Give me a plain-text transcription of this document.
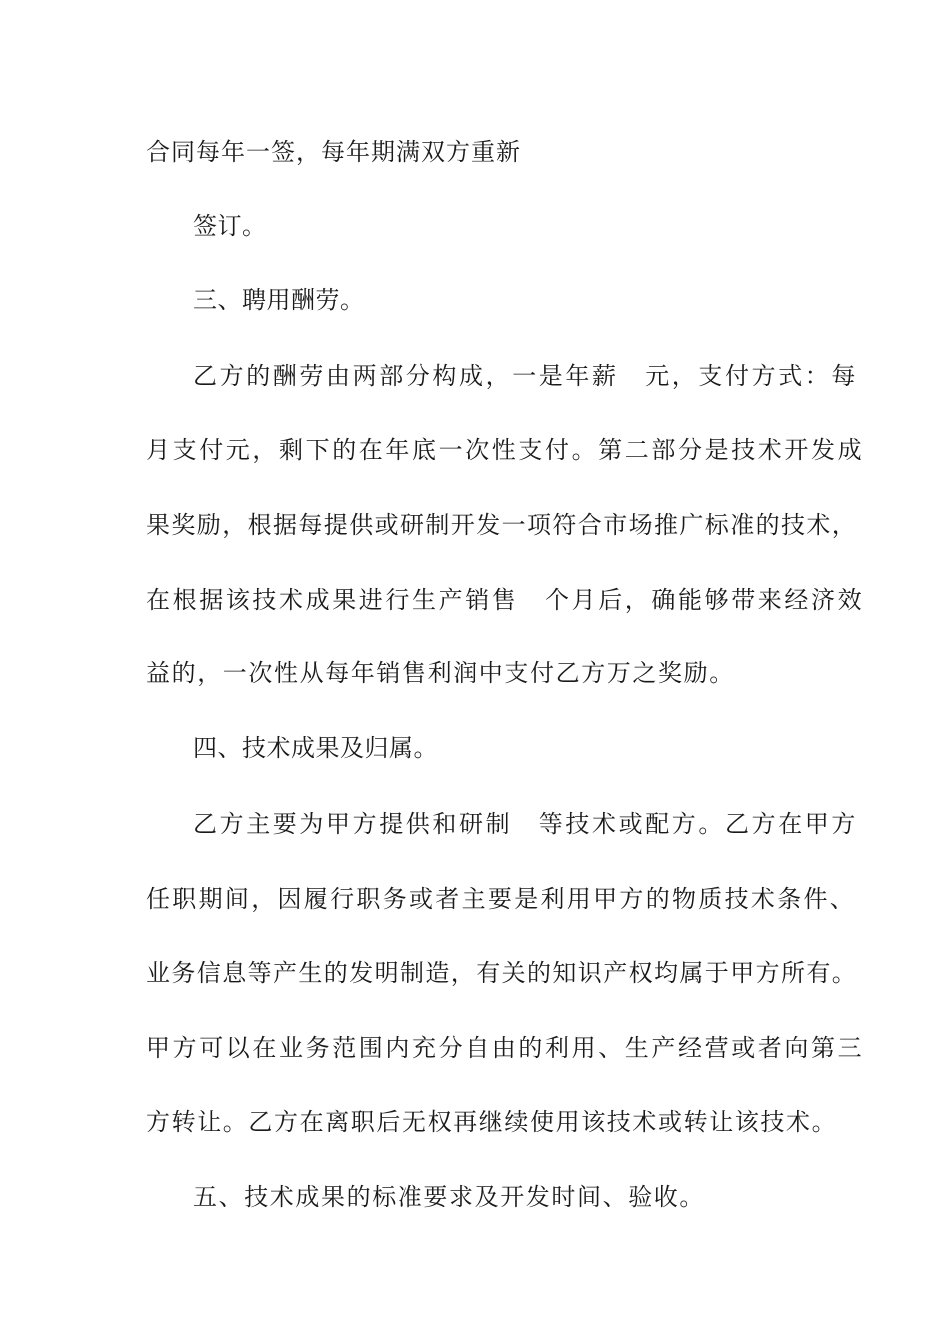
合同每年一签，每年期满双方重新
签订。
三、聘用酬劳。
乙方的酬劳由两部分构成，一是年薪　元，支付方式：每
月支付元，剩下的在年底一次性支付。第二部分是技术开发成
果奖励，根据每提供或研制开发一项符合市场推广标准的技术，
在根据该技术成果进行生产销售　个月后，确能够带来经济效
益的，一次性从每年销售利润中支付乙方万之奖励。
四、技术成果及归属。
乙方主要为甲方提供和研制　等技术或配方。乙方在甲方
任职期间，因履行职务或者主要是利用甲方的物质技术条件、
业务信息等产生的发明制造，有关的知识产权均属于甲方所有。
甲方可以在业务范围内充分自由的利用、生产经营或者向第三
方转让。乙方在离职后无权再继续使用该技术或转让该技术。
五、技术成果的标准要求及开发时间、验收。
